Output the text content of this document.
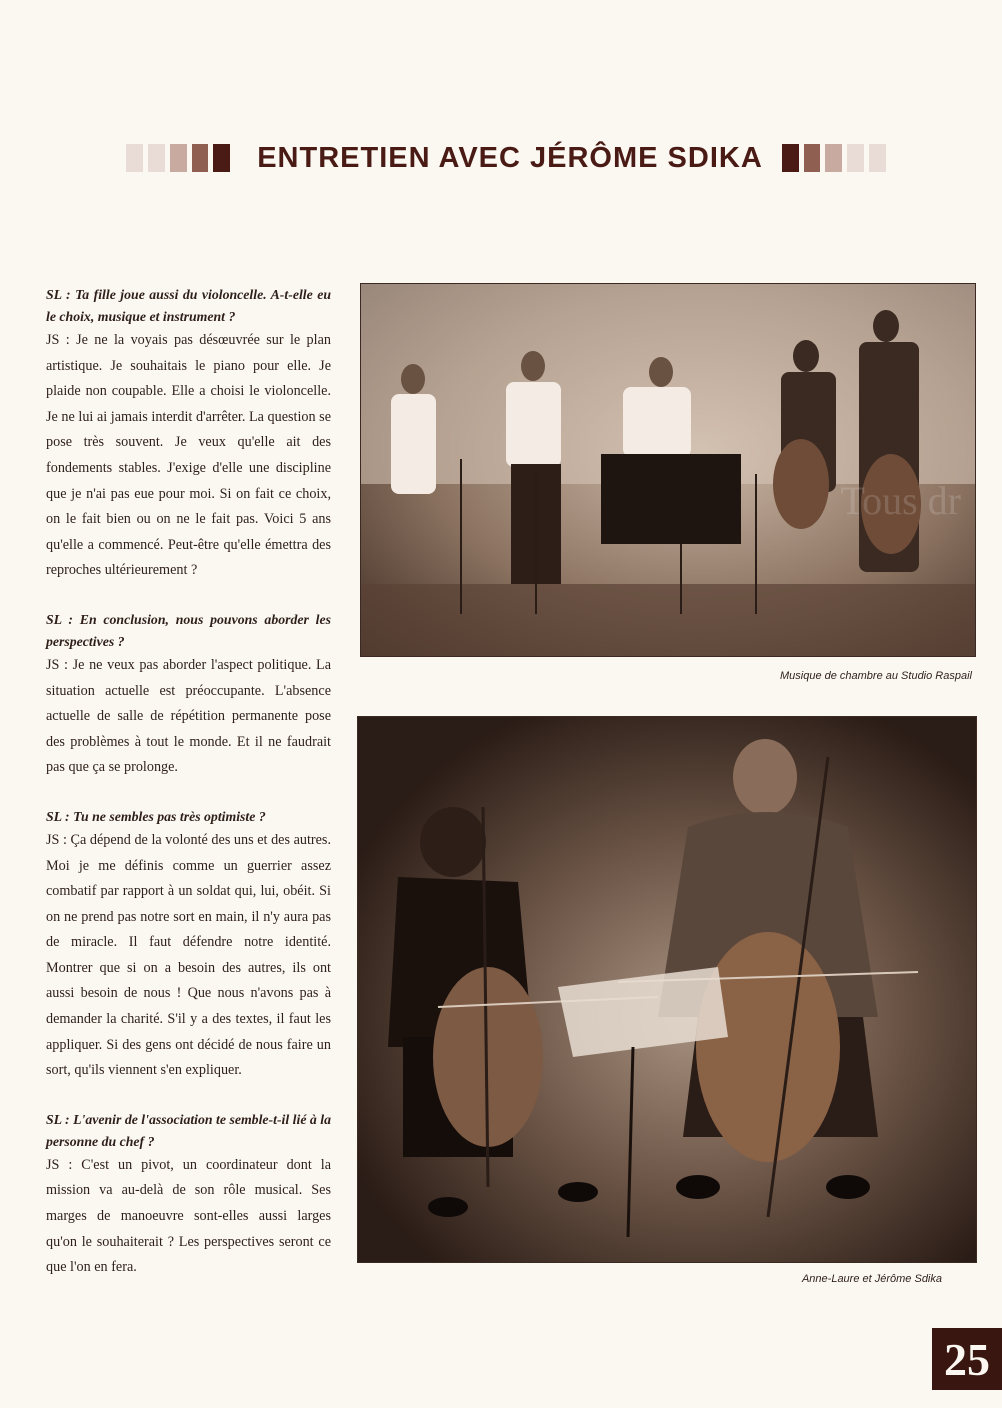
ENTRETIEN AVEC JÉRÔME SDIKA
SL : Ta fille joue aussi du violoncelle. A-t-elle eu le choix, musique et instrument ?
JS : Je ne la voyais pas désœuvrée sur le plan artistique. Je souhaitais le piano pour elle. Je plaide non coupable. Elle a choisi le violoncelle. Je ne lui ai jamais interdit d'arrêter. La question se pose très souvent. Je veux qu'elle ait des fondements stables. J'exige d'elle une discipline que je n'ai pas eue pour moi. Si on fait ce choix, on le fait bien ou on ne le fait pas. Voici 5 ans qu'elle a commencé. Peut-être qu'elle émettra des reproches ultérieurement ?
SL : En conclusion, nous pouvons aborder les perspectives ?
JS : Je ne veux pas aborder l'aspect politique. La situation actuelle est préoccupante. L'absence actuelle de salle de répétition permanente pose des problèmes à tout le monde. Et il ne faudrait pas que ça se prolonge.
SL : Tu ne sembles pas très optimiste ?
JS : Ça dépend de la volonté des uns et des autres. Moi je me définis comme un guerrier assez combatif par rapport à un soldat qui, lui, obéit. Si on ne prend pas notre sort en main, il n'y aura pas de miracle. Il faut défendre notre identité. Montrer que si on a besoin des autres, ils ont aussi besoin de nous ! Que nous n'avons pas à demander la charité. S'il y a des textes, il faut les appliquer. Si des gens ont décidé de nous faire un sort, qu'ils viennent s'en expliquer.
SL : L'avenir de l'association te semble-t-il lié à la personne du chef ?
JS : C'est un pivot, un coordinateur dont la mission va au-delà de son rôle musical. Ses marges de manoeuvre sont-elles aussi larges qu'on le souhaiterait ? Les perspectives seront ce que l'on en fera.
Tous dr
Musique de chambre au Studio Raspail
Anne-Laure et Jérôme Sdika
25
